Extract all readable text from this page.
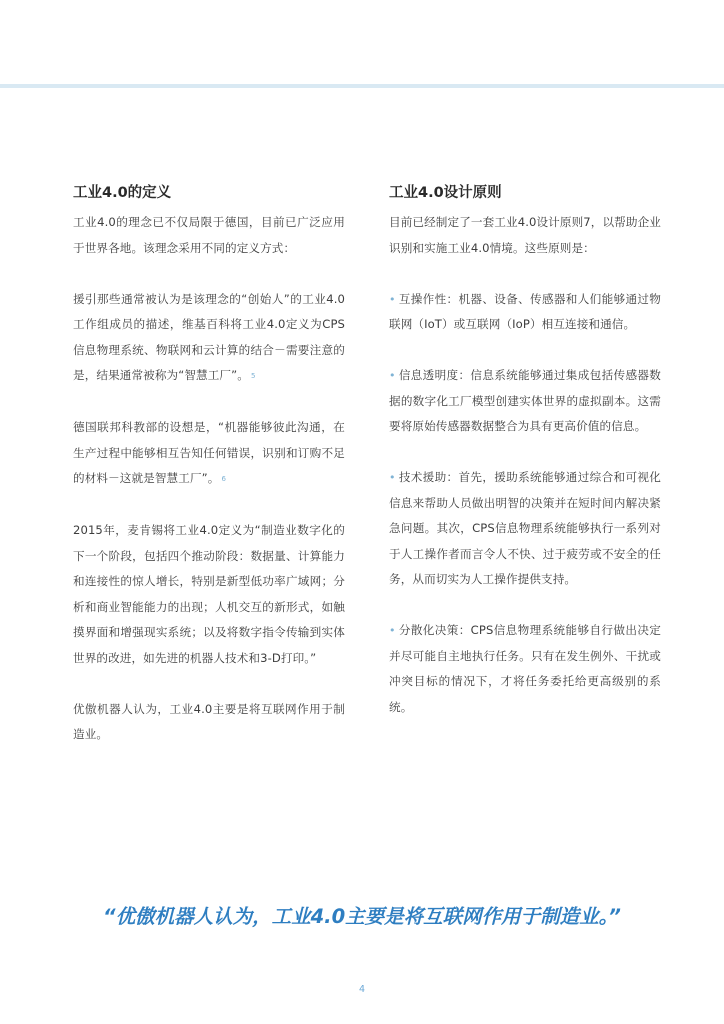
工业4.0的定义

工业4.0的理念已不仅局限于德国，目前已广泛应用于世界各地。该理念采用不同的定义方式：

援引那些通常被认为是该理念的“创始人”的工业4.0工作组成员的描述，维基百科将工业4.0定义为CPS信息物理系统、物联网和云计算的结合－需要注意的是，结果通常被称为“智慧工厂”。 5

德国联邦科教部的设想是，“机器能够彼此沟通，在生产过程中能够相互告知任何错误，识别和订购不足的材料－这就是智慧工厂”。 6

2015年，麦肯锡将工业4.0定义为“制造业数字化的下一个阶段，包括四个推动阶段：数据量、计算能力和连接性的惊人增长，特别是新型低功率广域网；分析和商业智能能力的出现；人机交互的新形式，如触摸界面和增强现实系统；以及将数字指令传输到实体世界的改进，如先进的机器人技术和3-D打印。”

优傲机器人认为，工业4.0主要是将互联网作用于制造业。

工业4.0设计原则

目前已经制定了一套工业4.0设计原则7，以帮助企业识别和实施工业4.0情境。这些原则是：

• 互操作性：机器、设备、传感器和人们能够通过物联网（IoT）或互联网（IoP）相互连接和通信。

• 信息透明度：信息系统能够通过集成包括传感器数据的数字化工厂模型创建实体世界的虚拟副本。这需要将原始传感器数据整合为具有更高价值的信息。

• 技术援助：首先，援助系统能够通过综合和可视化信息来帮助人员做出明智的决策并在短时间内解决紧急问题。其次，CPS信息物理系统能够执行一系列对于人工操作者而言令人不快、过于疲劳或不安全的任务，从而切实为人工操作提供支持。

• 分散化决策：CPS信息物理系统能够自行做出决定并尽可能自主地执行任务。只有在发生例外、干扰或冲突目标的情况下，才将任务委托给更高级别的系统。

“优傲机器人认为，工业4.0主要是将互联网作用于制造业。”
4
